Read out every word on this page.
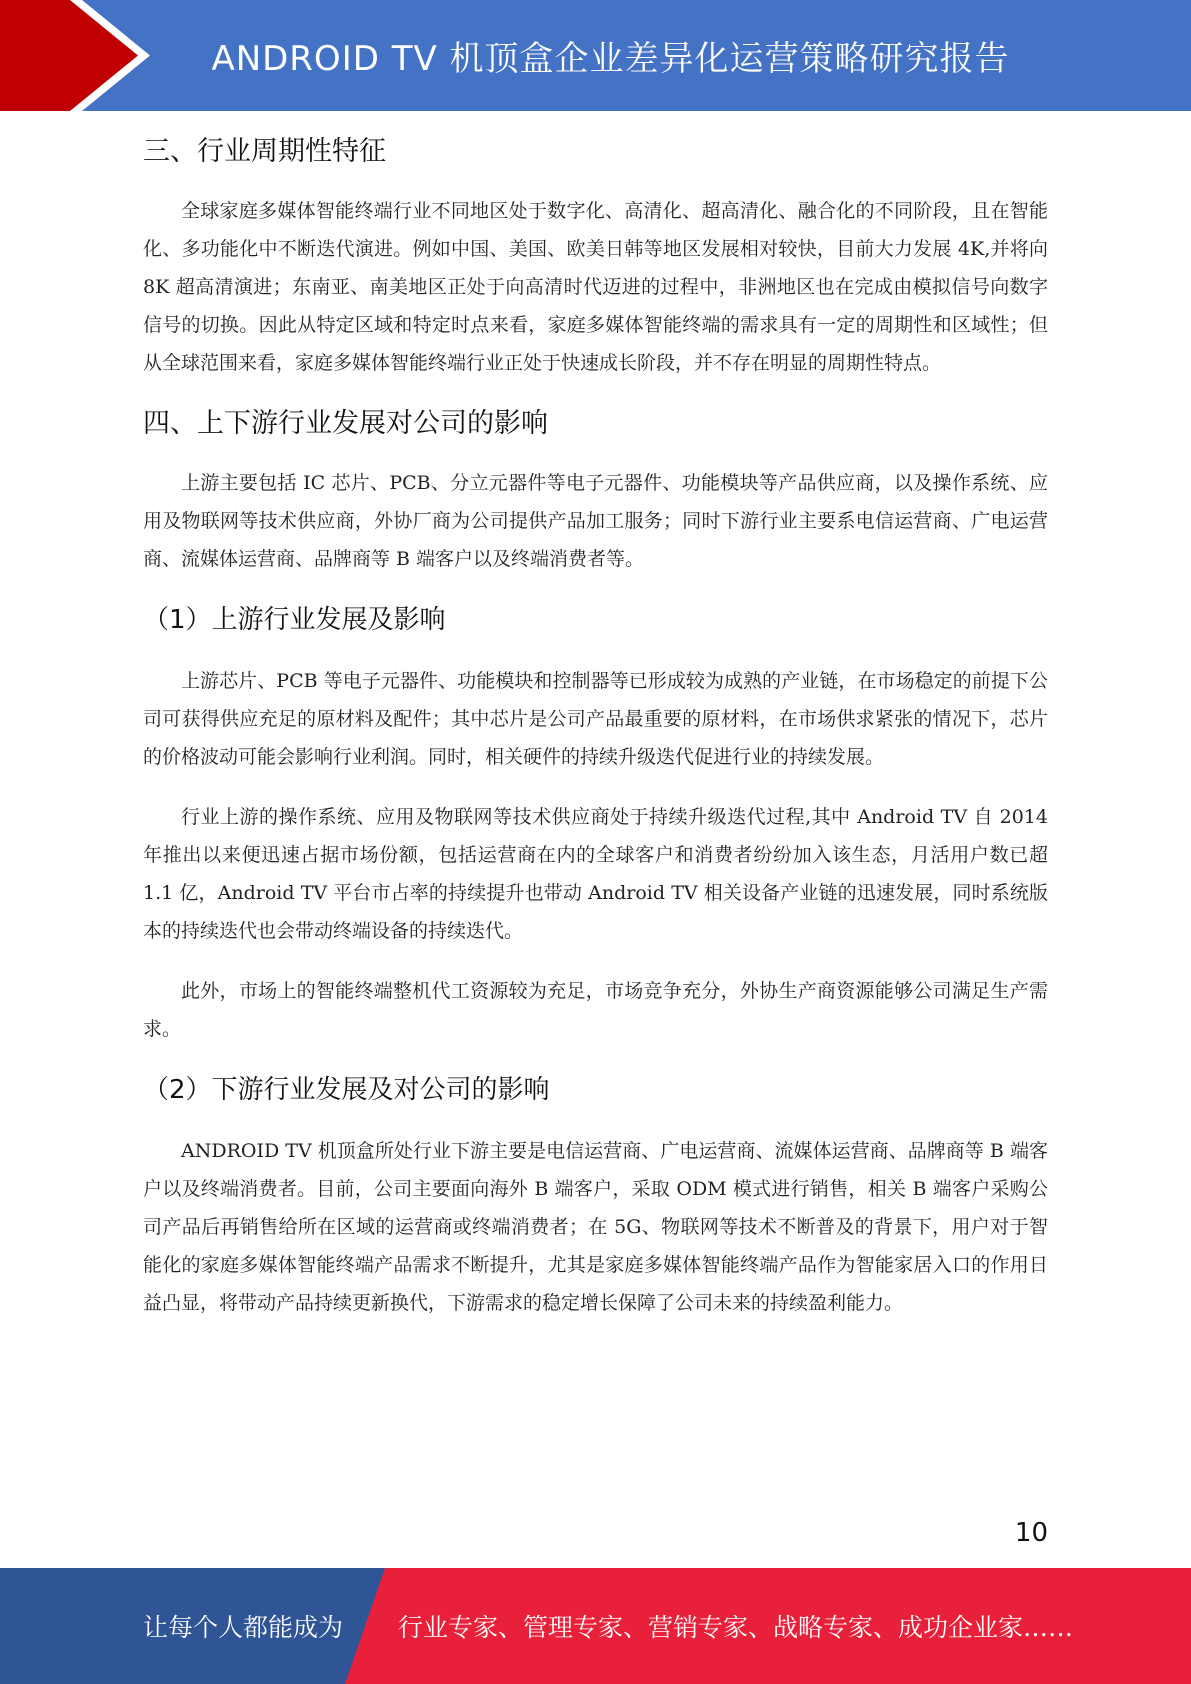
ANDROID TV 机顶盒企业差异化运营策略研究报告
三、行业周期性特征

全球家庭多媒体智能终端行业不同地区处于数字化、高清化、超高清化、融合化的不同阶段，且在智能化、多功能化中不断迭代演进。例如中国、美国、欧美日韩等地区发展相对较快，目前大力发展 4K,并将向 8K 超高清演进；东南亚、南美地区正处于向高清时代迈进的过程中，非洲地区也在完成由模拟信号向数字信号的切换。因此从特定区域和特定时点来看，家庭多媒体智能终端的需求具有一定的周期性和区域性；但从全球范围来看，家庭多媒体智能终端行业正处于快速成长阶段，并不存在明显的周期性特点。

四、上下游行业发展对公司的影响

上游主要包括 IC 芯片、PCB、分立元器件等电子元器件、功能模块等产品供应商，以及操作系统、应用及物联网等技术供应商，外协厂商为公司提供产品加工服务；同时下游行业主要系电信运营商、广电运营商、流媒体运营商、品牌商等 B 端客户以及终端消费者等。

（1）上游行业发展及影响

上游芯片、PCB 等电子元器件、功能模块和控制器等已形成较为成熟的产业链，在市场稳定的前提下公司可获得供应充足的原材料及配件；其中芯片是公司产品最重要的原材料，在市场供求紧张的情况下，芯片的价格波动可能会影响行业利润。同时，相关硬件的持续升级迭代促进行业的持续发展。

行业上游的操作系统、应用及物联网等技术供应商处于持续升级迭代过程,其中 Android TV 自 2014 年推出以来便迅速占据市场份额，包括运营商在内的全球客户和消费者纷纷加入该生态，月活用户数已超 1.1 亿，Android TV 平台市占率的持续提升也带动 Android TV 相关设备产业链的迅速发展，同时系统版本的持续迭代也会带动终端设备的持续迭代。

此外，市场上的智能终端整机代工资源较为充足，市场竞争充分，外协生产商资源能够公司满足生产需求。

（2）下游行业发展及对公司的影响

ANDROID TV 机顶盒所处行业下游主要是电信运营商、广电运营商、流媒体运营商、品牌商等 B 端客户以及终端消费者。目前，公司主要面向海外 B 端客户，采取 ODM 模式进行销售，相关 B 端客户采购公司产品后再销售给所在区域的运营商或终端消费者；在 5G、物联网等技术不断普及的背景下，用户对于智能化的家庭多媒体智能终端产品需求不断提升，尤其是家庭多媒体智能终端产品作为智能家居入口的作用日益凸显，将带动产品持续更新换代，下游需求的稳定增长保障了公司未来的持续盈利能力。

10
让每个人都能成为 行业专家、管理专家、营销专家、战略专家、成功企业家……
